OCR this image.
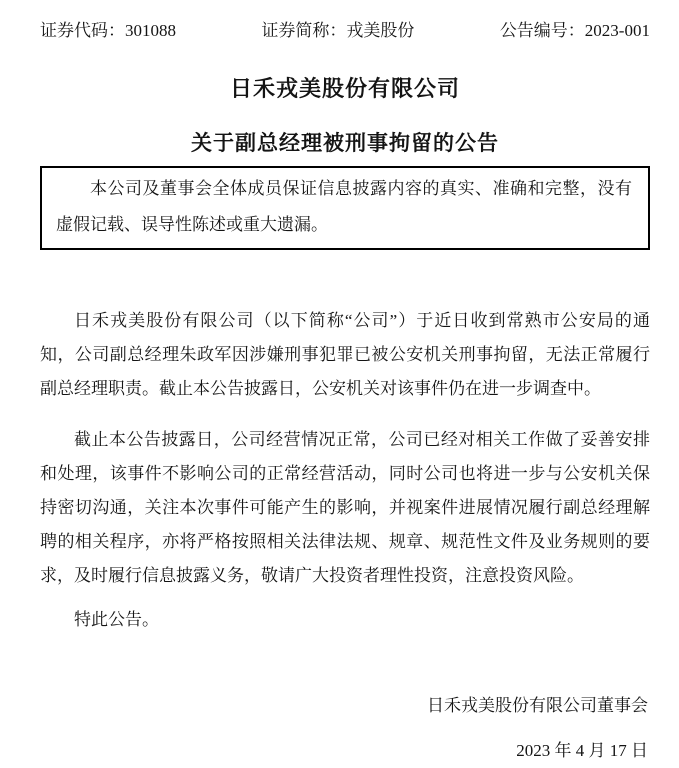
证券代码：301088	证券简称：戎美股份	公告编号：2023-001
日禾戎美股份有限公司
关于副总经理被刑事拘留的公告

本公司及董事会全体成员保证信息披露内容的真实、准确和完整，没有虚假记载、误导性陈述或重大遗漏。

日禾戎美股份有限公司（以下简称“公司”）于近日收到常熟市公安局的通知，公司副总经理朱政军因涉嫌刑事犯罪已被公安机关刑事拘留，无法正常履行副总经理职责。截止本公告披露日，公安机关对该事件仍在进一步调查中。

截止本公告披露日，公司经营情况正常，公司已经对相关工作做了妥善安排和处理，该事件不影响公司的正常经营活动，同时公司也将进一步与公安机关保持密切沟通，关注本次事件可能产生的影响，并视案件进展情况履行副总经理解聘的相关程序，亦将严格按照相关法律法规、规章、规范性文件及业务规则的要求，及时履行信息披露义务，敬请广大投资者理性投资，注意投资风险。

特此公告。

日禾戎美股份有限公司董事会

2023 年 4 月 17 日
